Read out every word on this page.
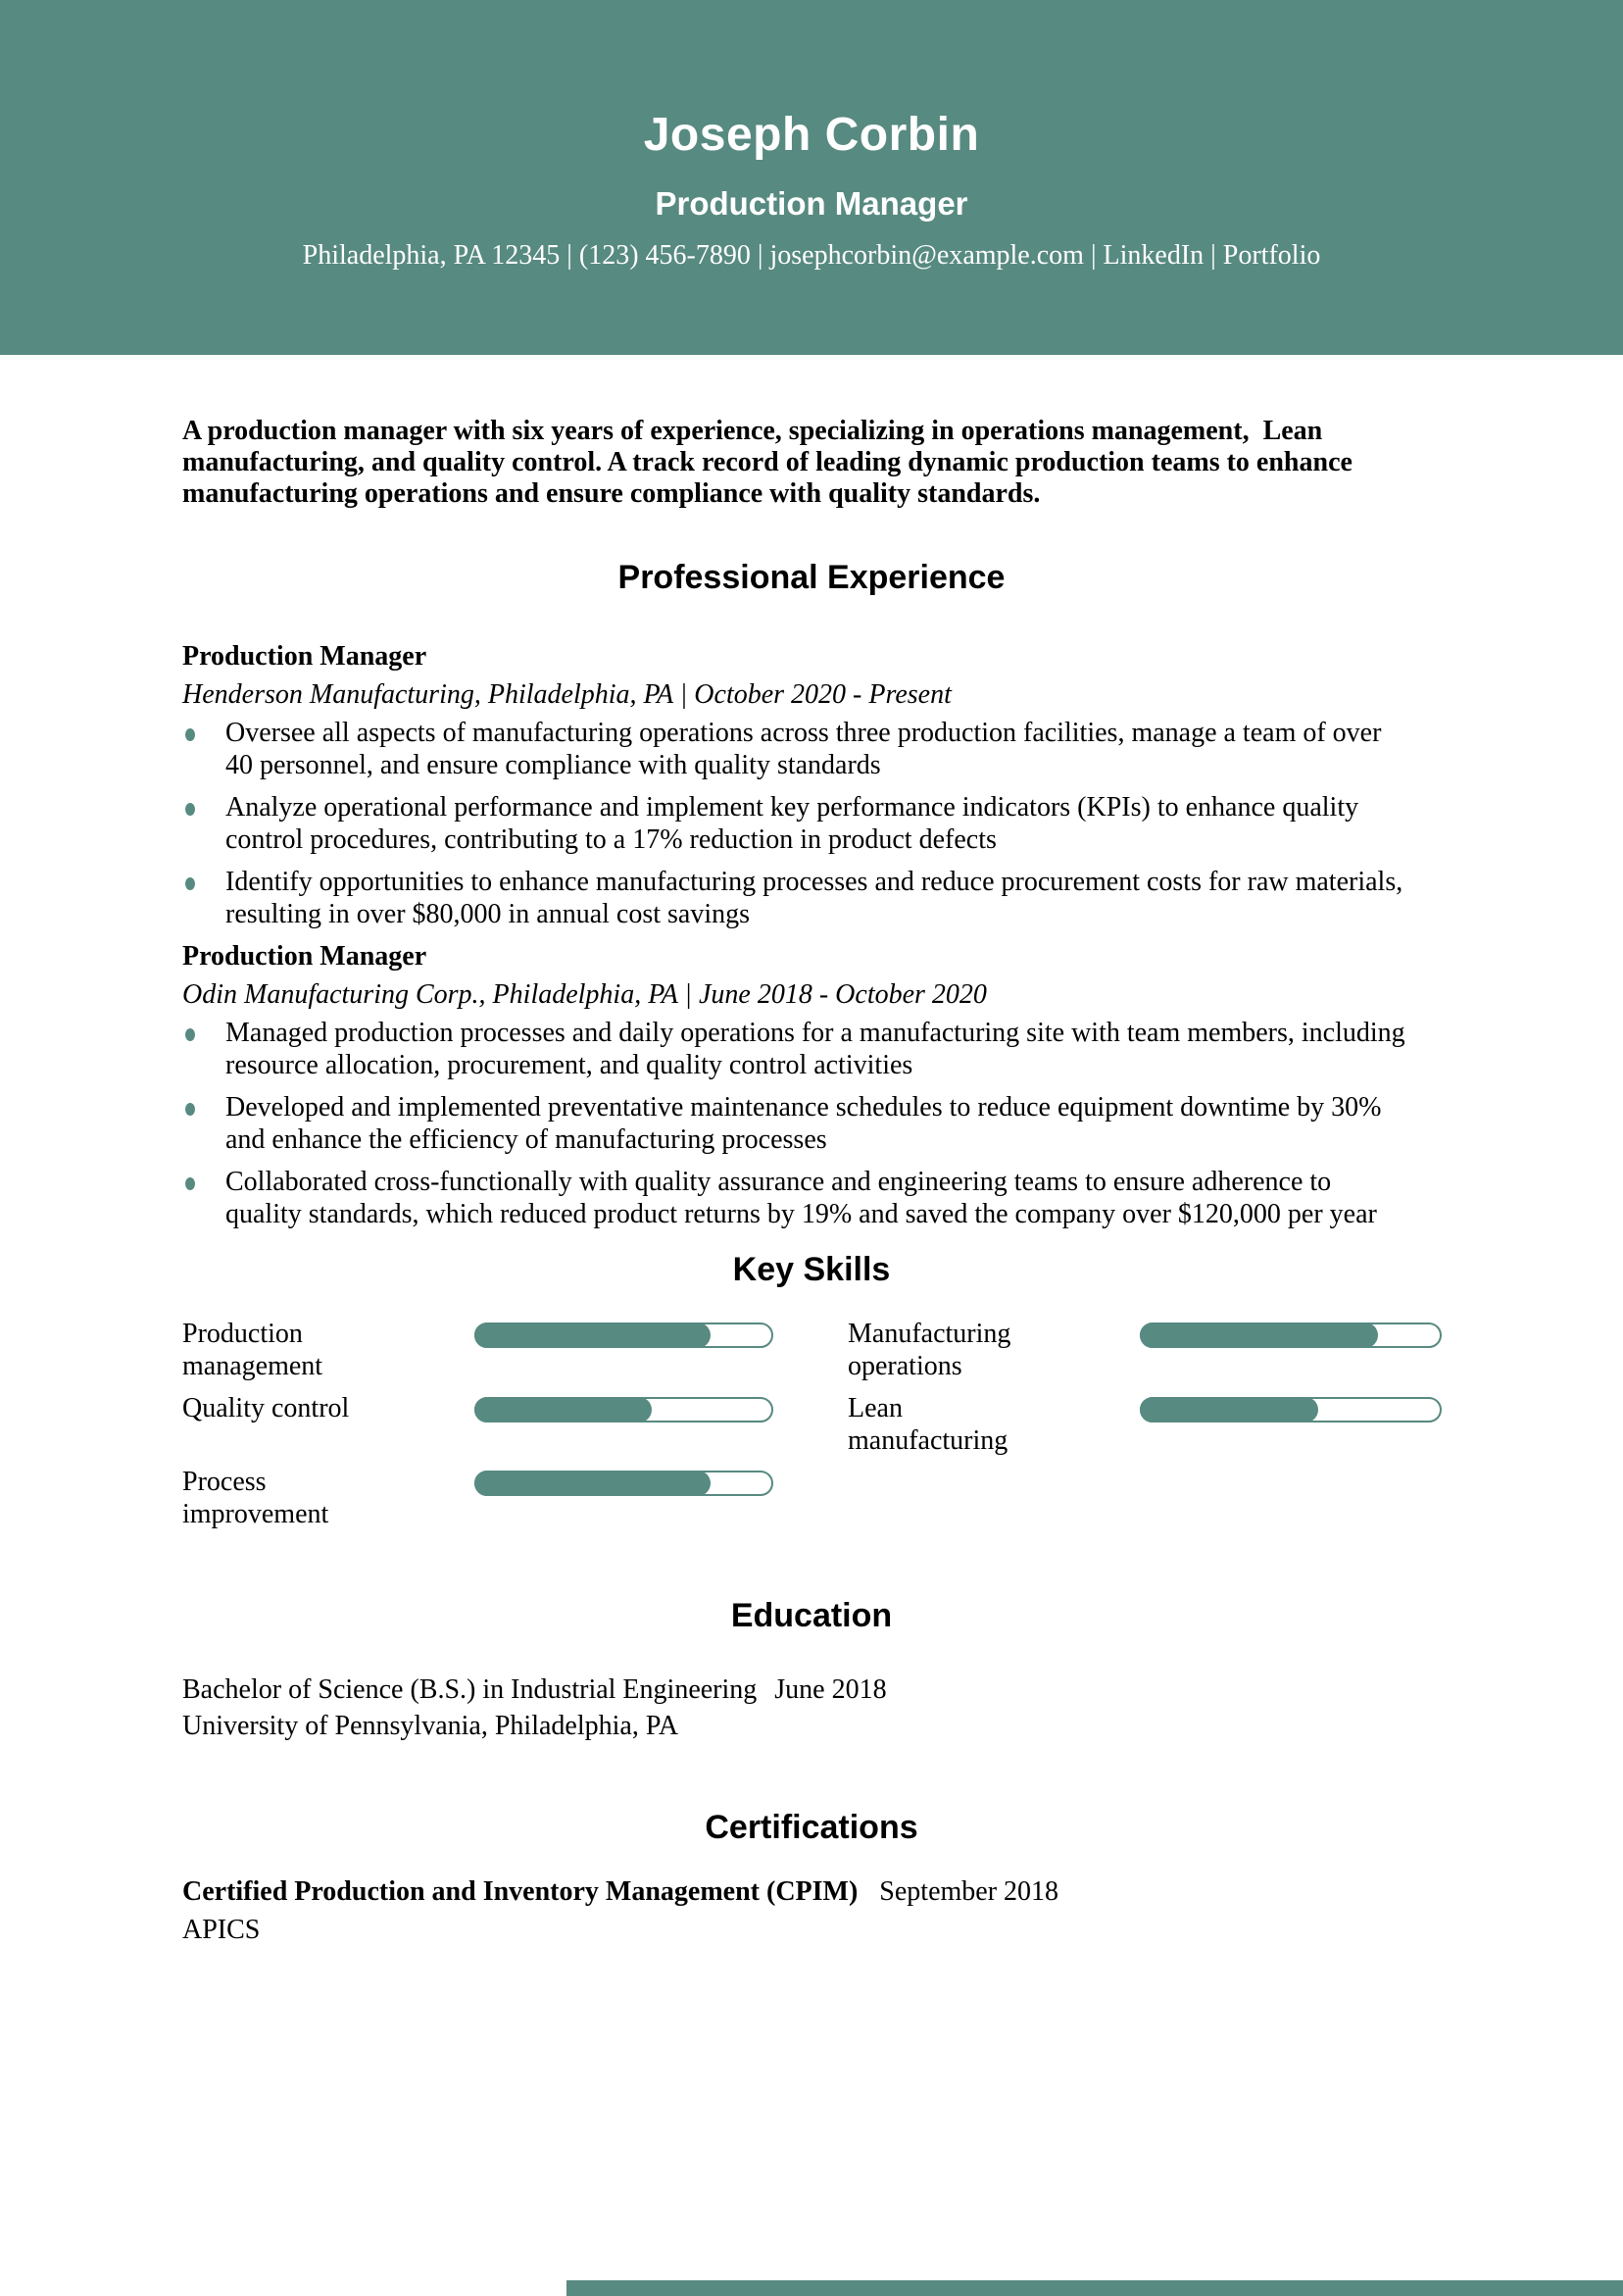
Joseph Corbin
Production Manager
Philadelphia, PA 12345 | (123) 456-7890 | josephcorbin@example.com | LinkedIn | Portfolio

A production manager with six years of experience, specializing in operations management,  Lean manufacturing, and quality control. A track record of leading dynamic production teams to enhance manufacturing operations and ensure compliance with quality standards.

Professional Experience
Production Manager
Henderson Manufacturing, Philadelphia, PA | October 2020 - Present
Oversee all aspects of manufacturing operations across three production facilities, manage a team of over 40 personnel, and ensure compliance with quality standards
Analyze operational performance and implement key performance indicators (KPIs) to enhance quality control procedures, contributing to a 17% reduction in product defects
Identify opportunities to enhance manufacturing processes and reduce procurement costs for raw materials, resulting in over $80,000 in annual cost savings
Production Manager
Odin Manufacturing Corp., Philadelphia, PA | June 2018 - October 2020
Managed production processes and daily operations for a manufacturing site with team members, including resource allocation, procurement, and quality control activities
Developed and implemented preventative maintenance schedules to reduce equipment downtime by 30% and enhance the efficiency of manufacturing processes
Collaborated cross-functionally with quality assurance and engineering teams to ensure adherence to quality standards, which reduced product returns by 19% and saved the company over $120,000 per year
Key Skills
Production management
Manufacturing operations
Quality control	Lean manufacturing
Process improvement
Education
Bachelor of Science (B.S.) in Industrial Engineering June 2018
University of Pennsylvania, Philadelphia, PA
Certifications
Certified Production and Inventory Management (CPIM) September 2018
APICS
